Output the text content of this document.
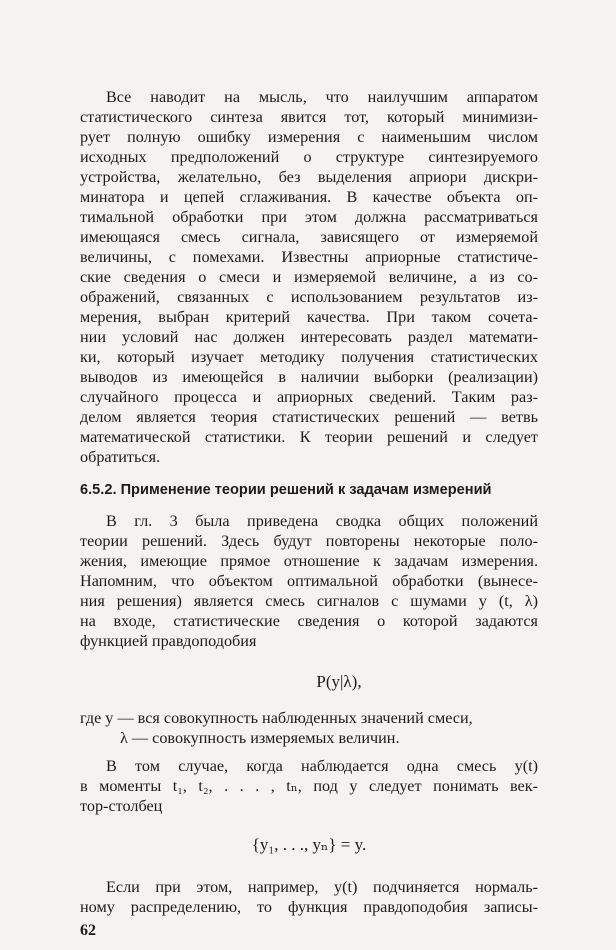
Все наводит на мысль, что наилучшим аппаратом
статистического синтеза явится тот, который минимизи-
рует полную ошибку измерения с наименьшим числом
исходных предположений о структуре синтезируемого
устройства, желательно, без выделения априори дискри-
минатора и цепей сглаживания. В качестве объекта оп-
тимальной обработки при этом должна рассматриваться
имеющаяся смесь сигнала, зависящего от измеряемой
величины, с помехами. Известны априорные статистиче-
ские сведения о смеси и измеряемой величине, а из со-
ображений, связанных с использованием результатов из-
мерения, выбран критерий качества. При таком сочета-
нии условий нас должен интересовать раздел математи-
ки, который изучает методику получения статистических
выводов из имеющейся в наличии выборки (реализации)
случайного процесса и априорных сведений. Таким раз-
делом является теория статистических решений — ветвь
математической статистики. К теории решений и следует
обратиться.
6.5.2. Применение теории решений к задачам измерений
В гл. 3 была приведена сводка общих положений
теории решений. Здесь будут повторены некоторые поло-
жения, имеющие прямое отношение к задачам измерения.
Напомним, что объектом оптимальной обработки (вынесе-
ния решения) является смесь сигналов с шумами y (t, λ)
на входе, статистические сведения о которой задаются
функцией правдоподобия
P(y|λ),
где y — вся совокупность наблюденных значений смеси,
λ — совокупность измеряемых величин.
В том случае, когда наблюдается одна смесь y(t)
в моменты t₁, t₂, . . . , tₙ, под y следует понимать век-
тор-столбец
{y₁, . . ., yₙ} = y.
Если при этом, например, y(t) подчиняется нормаль-
ному распределению, то функция правдоподобия записы-
62
